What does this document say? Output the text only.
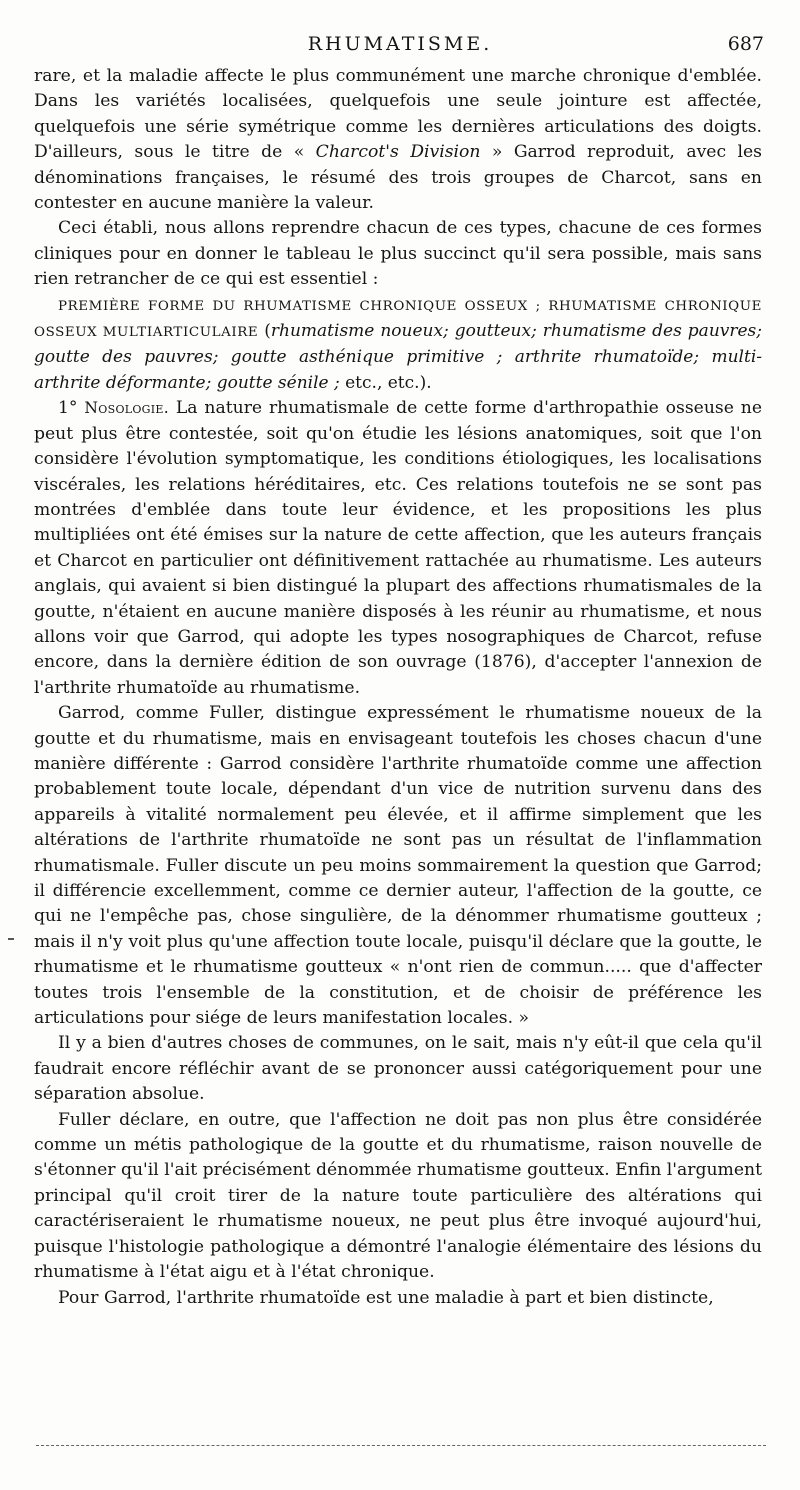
RHUMATISME.	687

rare, et la maladie affecte le plus communément une marche chronique d'emblée. Dans les variétés localisées, quelquefois une seule jointure est affectée, quelquefois une série symétrique comme les dernières articulations des doigts. D'ailleurs, sous le titre de « Charcot's Division » Garrod reproduit, avec les dénominations françaises, le résumé des trois groupes de Charcot, sans en contester en aucune manière la valeur.

Ceci établi, nous allons reprendre chacun de ces types, chacune de ces formes cliniques pour en donner le tableau le plus succinct qu'il sera possible, mais sans rien retrancher de ce qui est essentiel :

PREMIÈRE FORME DU RHUMATISME CHRONIQUE OSSEUX ; RHUMATISME CHRONIQUE OSSEUX MULTIARTICULAIRE (rhumatisme noueux; goutteux; rhumatisme des pauvres; goutte des pauvres; goutte asthénique primitive ; arthrite rhumatoïde; multi-arthrite déformante; goutte sénile ; etc., etc.).

1° Nosologie. La nature rhumatismale de cette forme d'arthropathie osseuse ne peut plus être contestée, soit qu'on étudie les lésions anatomiques, soit que l'on considère l'évolution symptomatique, les conditions étiologiques, les localisations viscérales, les relations héréditaires, etc. Ces relations toutefois ne se sont pas montrées d'emblée dans toute leur évidence, et les propositions les plus multipliées ont été émises sur la nature de cette affection, que les auteurs français et Charcot en particulier ont définitivement rattachée au rhumatisme. Les auteurs anglais, qui avaient si bien distingué la plupart des affections rhumatismales de la goutte, n'étaient en aucune manière disposés à les réunir au rhumatisme, et nous allons voir que Garrod, qui adopte les types nosographiques de Charcot, refuse encore, dans la dernière édition de son ouvrage (1876), d'accepter l'annexion de l'arthrite rhumatoïde au rhumatisme.

Garrod, comme Fuller, distingue expressément le rhumatisme noueux de la goutte et du rhumatisme, mais en envisageant toutefois les choses chacun d'une manière différente : Garrod considère l'arthrite rhumatoïde comme une affection probablement toute locale, dépendant d'un vice de nutrition survenu dans des appareils à vitalité normalement peu élevée, et il affirme simplement que les altérations de l'arthrite rhumatoïde ne sont pas un résultat de l'inflammation rhumatismale. Fuller discute un peu moins sommairement la question que Garrod; il différencie excellemment, comme ce dernier auteur, l'affection de la goutte, ce qui ne l'empêche pas, chose singulière, de la dénommer rhumatisme goutteux ; mais il n'y voit plus qu'une affection toute locale, puisqu'il déclare que la goutte, le rhumatisme et le rhumatisme goutteux « n'ont rien de commun..... que d'affecter toutes trois l'ensemble de la constitution, et de choisir de préférence les articulations pour siége de leurs manifestation locales. »

Il y a bien d'autres choses de communes, on le sait, mais n'y eût-il que cela qu'il faudrait encore réfléchir avant de se prononcer aussi catégoriquement pour une séparation absolue.

Fuller déclare, en outre, que l'affection ne doit pas non plus être considérée comme un métis pathologique de la goutte et du rhumatisme, raison nouvelle de s'étonner qu'il l'ait précisément dénommée rhumatisme goutteux. Enfin l'argument principal qu'il croit tirer de la nature toute particulière des altérations qui caractériseraient le rhumatisme noueux, ne peut plus être invoqué aujourd'hui, puisque l'histologie pathologique a démontré l'analogie élémentaire des lésions du rhumatisme à l'état aigu et à l'état chronique.

Pour Garrod, l'arthrite rhumatoïde est une maladie à part et bien distincte,
